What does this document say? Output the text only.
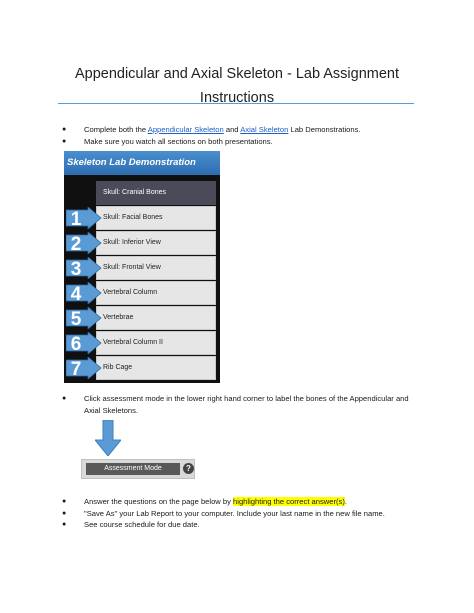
Appendicular and Axial Skeleton - Lab Assignment
Instructions
●	Complete both the Appendicular Skeleton and Axial Skeleton Lab Demonstrations.
●	Make sure you watch all sections on both presentations.
Skeleton Lab Demonstration
Skull: Cranial Bones
Skull: Facial Bones
Skull: Inferior View
Skull: Frontal View
Vertebral Column
Vertebrae
Vertebral Column II
Rib Cage
1
2
3
4
5
6
7
●	Click assessment mode in the lower right hand corner to label the bones of the Appendicular and Axial Skeletons.
Assessment Mode	?
●	Answer the questions on the page below by highlighting the correct answer(s).
●	"Save As" your Lab Report to your computer. Include your last name in the new file name.
●	See course schedule for due date.
